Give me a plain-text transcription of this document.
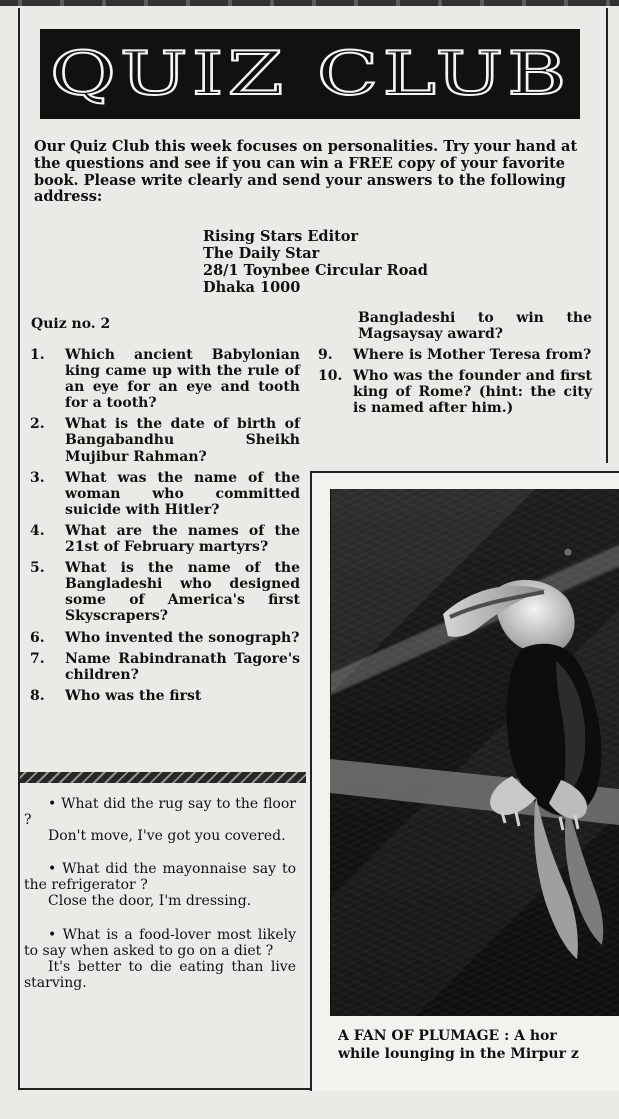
QUIZ CLUB

Our Quiz Club this week focuses on personalities. Try your hand at the questions and see if you can win a FREE copy of your favorite book. Please write clearly and send your answers to the following address:

Rising Stars Editor
The Daily Star
28/1 Toynbee Circular Road
Dhaka 1000
Quiz no. 2
1.	Which ancient Babylonian king came up with the rule of an eye for an eye and tooth for a tooth?
2.	What is the date of birth of Bangabandhu Sheikh Mujibur Rahman?
3.	What was the name of the woman who committed suicide with Hitler?
4.	What are the names of the 21st of February martyrs?
5.	What is the name of the Bangladeshi who designed some of America's first Skyscrapers?
6.	Who invented the sonograph?
7.	Name Rabindranath Tagore's children?
8.	Who was the first
Bangladeshi to win the Magsaysay award?
9.	Where is Mother Teresa from?
10. Who was the founder and first king of Rome? (hint: the city is named after him.)
• What did the rug say to the floor ?
Don't move, I've got you covered.
• What did the mayonnaise say to the refrigerator ?
Close the door, I'm dressing.
• What is a food-lover most likely to say when asked to go on a diet ?
It's better to die eating than live starving.
A FAN OF PLUMAGE : A hor
while lounging in the Mirpur z
